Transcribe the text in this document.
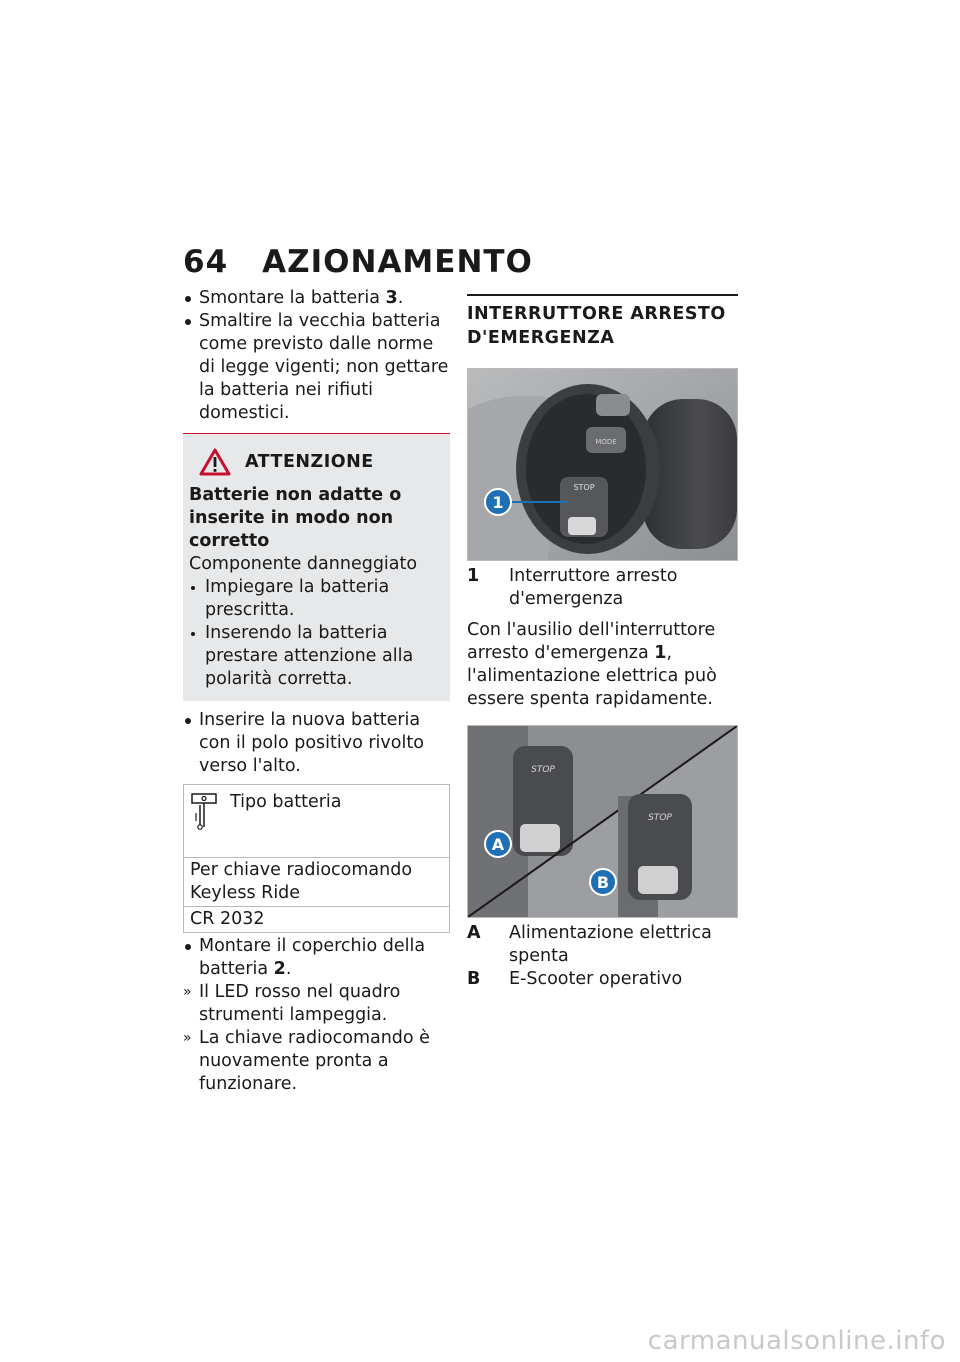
64 AZIONAMENTO

Smontare la batteria 3.

Smaltire la vecchia batteria come previsto dalle norme di legge vigenti; non gettare la batteria nei rifiuti domestici.

ATTENZIONE
Batterie non adatte o inserite in modo non corretto
Componente danneggiato

Impiegare la batteria prescritta.

Inserendo la batteria prestare attenzione alla polarità corretta.

Inserire la nuova batteria con il polo positivo rivolto verso l'alto.

Tipo batteria
Per chiave radiocomando Keyless Ride
CR 2032

Montare il coperchio della batteria 2.

» Il LED rosso nel quadro strumenti lampeggia.

» La chiave radiocomando è nuovamente pronta a funzionare.

INTERRUTTORE ARRESTO D'EMERGENZA
MODE
STOP
1
1	Interruttore arresto d'emergenza
Con l'ausilio dell'interruttore arresto d'emergenza 1, l'alimentazione elettrica può essere spenta rapidamente.
STOP
STOP
A
B
A	Alimentazione elettrica spenta
B	E-Scooter operativo
carmanualsonline.info
